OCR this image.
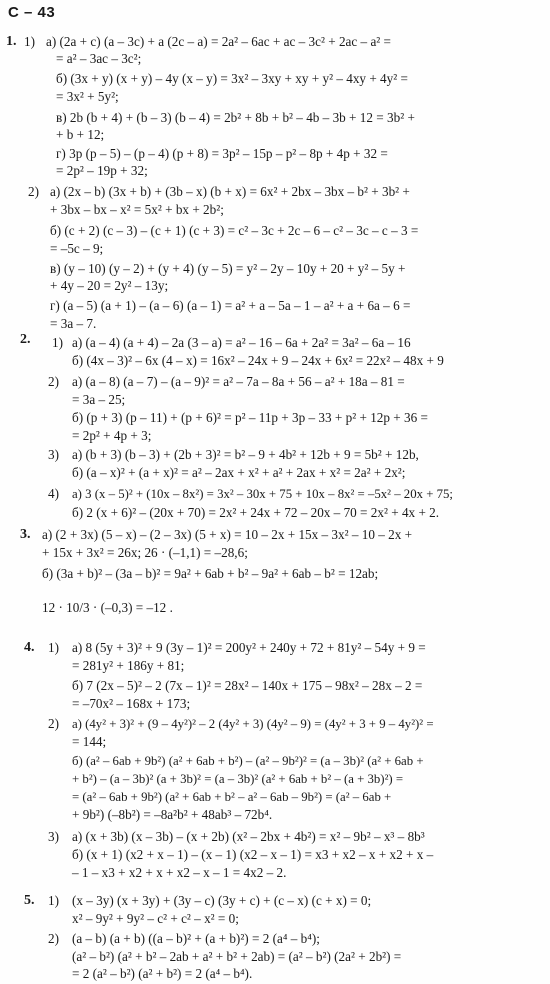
C – 43
1. 1) а) (2a + c) (a – 3c) + a (2c – a) = 2a² – 6ac + ac – 3c² + 2ac – a² =
= a² – 3ac – 3c²;
б) (3x + y) (x + y) – 4y (x – y) = 3x² – 3xy + xy + y² – 4xy + 4y² =
= 3x² + 5y²;
в) 2b (b + 4) + (b – 3) (b – 4) = 2b² + 8b + b² – 4b – 3b + 12 = 3b² +
+ b + 12;
г) 3p (p – 5) – (p – 4) (p + 8) = 3p² – 15p – p² – 8p + 4p + 32 =
= 2p² – 19p + 32;
2) а) (2x – b) (3x + b) + (3b – x) (b + x) = 6x² + 2bx – 3bx – b² + 3b² +
+ 3bx – bx – x² = 5x² + bx + 2b²;
б) (c + 2) (c – 3) – (c + 1) (c + 3) = c² – 3c + 2c – 6 – c² – 3c – c – 3 =
= –5c – 9;
в) (y – 10) (y – 2) + (y + 4) (y – 5) = y² – 2y – 10y + 20 + y² – 5y +
+ 4y – 20 = 2y² – 13y;
г) (a – 5) (a + 1) – (a – 6) (a – 1) = a² + a – 5a – 1 – a² + a + 6a – 6 =
= 3a – 7.
2. 1) а) (a – 4) (a + 4) – 2a (3 – a) = a² – 16 – 6a + 2a² = 3a² – 6a – 16
б) (4x – 3)² – 6x (4 – x) = 16x² – 24x + 9 – 24x + 6x² = 22x² – 48x + 9
2) а) (a – 8) (a – 7) – (a – 9)² = a² – 7a – 8a + 56 – a² + 18a – 81 =
= 3a – 25;
б) (p + 3) (p – 11) + (p + 6)² = p² – 11p + 3p – 33 + p² + 12p + 36 =
= 2p² + 4p + 3;
3) а) (b + 3) (b – 3) + (2b + 3)² = b² – 9 + 4b² + 12b + 9 = 5b² + 12b,
б) (a – x)² + (a + x)² = a² – 2ax + x² + a² + 2ax + x² = 2a² + 2x²;
4) а) 3 (x – 5)² + (10x – 8x²) = 3x² – 30x + 75 + 10x – 8x² = –5x² – 20x + 75;
б) 2 (x + 6)² – (20x + 70) = 2x² + 24x + 72 – 20x – 70 = 2x² + 4x + 2.
3. а) (2 + 3x) (5 – x) – (2 – 3x) (5 + x) = 10 – 2x + 15x – 3x² – 10 – 2x +
+ 15x + 3x² = 26x; 26 · (–1,1) = –28,6;
б) (3a + b)² – (3a – b)² = 9a² + 6ab + b² – 9a² + 6ab – b² = 12ab;
12 · 10/3 · (–0,3) = –12 .
4. 1) а) 8 (5y + 3)² + 9 (3y – 1)² = 200y² + 240y + 72 + 81y² – 54y + 9 =
= 281y² + 186y + 81;
б) 7 (2x – 5)² – 2 (7x – 1)² = 28x² – 140x + 175 – 98x² – 28x – 2 =
= –70x² – 168x + 173;
2) а) (4y² + 3)² + (9 – 4y²)² – 2 (4y² + 3) (4y² – 9) = (4y² + 3 + 9 – 4y²)² =
= 144;
б) (a² – 6ab + 9b²) (a² + 6ab + b²) – (a² – 9b²)² = (a – 3b)² (a² + 6ab +
+ b²) – (a – 3b)² (a + 3b)² = (a – 3b)² (a² + 6ab + b² – (a + 3b)²) =
= (a² – 6ab + 9b²) (a² + 6ab + b² – a² – 6ab – 9b²) = (a² – 6ab +
+ 9b²) (–8b²) = –8a²b² + 48ab³ – 72b⁴.
3) а) (x + 3b) (x – 3b) – (x + 2b) (x² – 2bx + 4b²) = x² – 9b² – x³ – 8b³
б) (x + 1) (x2 + x – 1) – (x – 1) (x2 – x – 1) = x3 + x2 – x + x2 + x –
– 1 – x3 + x2 + x + x2 – x – 1 = 4x2 – 2.
5. 1) (x – 3y) (x + 3y) + (3y – c) (3y + c) + (c – x) (c + x) = 0;
x² – 9y² + 9y² – c² + c² – x² = 0;
2) (a – b) (a + b) ((a – b)² + (a + b)²) = 2 (a⁴ – b⁴);
(a² – b²) (a² + b² – 2ab + a² + b² + 2ab) = (a² – b²) (2a² + 2b²) =
= 2 (a² – b²) (a² + b²) = 2 (a⁴ – b⁴).
